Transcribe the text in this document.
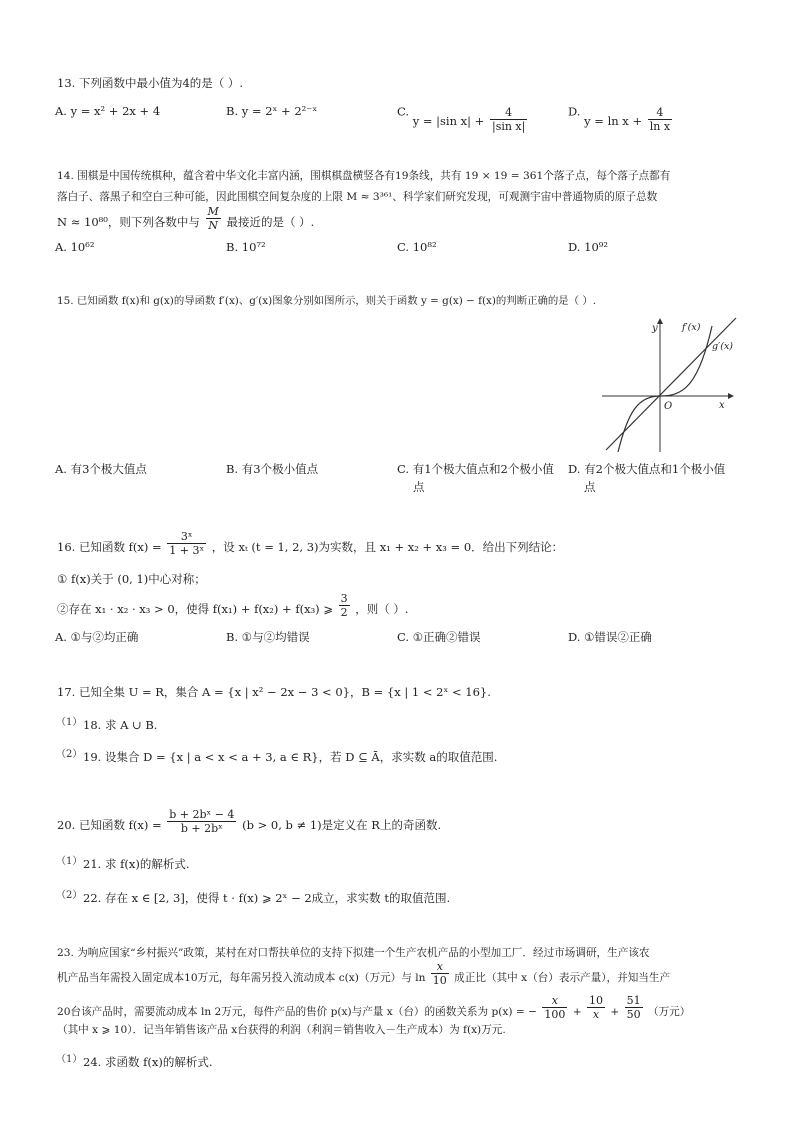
13. 下列函数中最小值为4的是（ ）.
A. y = x² + 2x + 4	B. y = 2ˣ + 2²⁻ˣ	C. y = |sin $x| + \frac{4}{\text{|sin x|}}$	D. $y = \ln x + \frac{4}{\text{ln x}}$
14. 围棋是中国传统棋种，蕴含着中华文化丰富内涵，围棋棋盘横竖各有19条线，共有 19 × 19 = 361个落子点，每个落子点都有
落白子、落黑子和空白三种可能，因此围棋空间复杂度的上限 M ≈ 3³⁶¹、科学家们研究发现，可观测宇宙中普通物质的原子总数
N ≈ 10⁸⁰，则下列各数中与 $\frac{M}{N}$ 最接近的是（ ）.
A. 10⁶²	B. 10⁷²	C. 10⁸²	D. 10⁹²
15. 已知函数 f(x)和 g(x)的导函数 f′(x)、g′(x)图象分别如图所示，则关于函数 y = g(x) − f(x)的判断正确的是（ ）.
y
x
O
f′(x)
g′(x)
A. 有3个极大值点	B. 有3个极小值点	C. 有1个极大值点和2个极小值
点
D. 有2个极大值点和1个极小值
点
16. 已知函数 $f(x) = \frac{\text{3ˣ}}{\text{1 + 3ˣ}}$ ，设 xₜ (t = 1, 2, 3)为实数，且 x₁ + x₂ + x₃ = 0．给出下列结论：
① f(x)关于 (0, 1)中心对称；
②存在 x₁ · x₂ · x₃ > 0，使得 f(x₁) + f(x₂) + f(x₃) ⩾ $\frac{3}{2}$ ，则（ ）.
A. ①与②均正确	B. ①与②均错误	C. ①正确②错误	D. ①错误②正确
17. 已知全集 U = R，集合 A = {x | x² − 2x − 3 < 0}，B = {x | 1 < 2ˣ < 16}.
（1） 18. 求 A ∪ B.
（2） 19. 设集合 D = {x | a < x < a + 3, a ∈ R}，若 D ⊆ Ā，求实数 a的取值范围.
20. 已知函数 $f(x) = \frac{\text{b + 2bˣ − 4}}{\text{b + 2bˣ}} (b > 0$, b ≠ 1)是定义在 R上的奇函数.
（1） 21. 求 f(x)的解析式.
（2） 22. 存在 x ∈ [2, 3]，使得 t · f(x) ⩾ 2ˣ − 2成立，求实数 t的取值范围.
23. 为响应国家“乡村振兴”政策，某村在对口帮扶单位的支持下拟建一个生产农机产品的小型加工厂．经过市场调研，生产该农
机产品当年需投入固定成本10万元，每年需另投入流动成本 c(x)（万元）与 $\ln \frac{x}{10}$ 成正比（其中 x（台）表示产量），并知当生产
20台该产品时，需要流动成本 ln 2万元，每件产品的售价 p(x)与产量 x（台）的函数关系为 p(x) = − $\frac{x}{100} + \frac{10}{x} + \frac{51}{50}$ （万元）
（其中 x ⩾ 10）．记当年销售该产品 x台获得的利润（利润＝销售收入－生产成本）为 f(x)万元.
（1） 24. 求函数 f(x)的解析式.
